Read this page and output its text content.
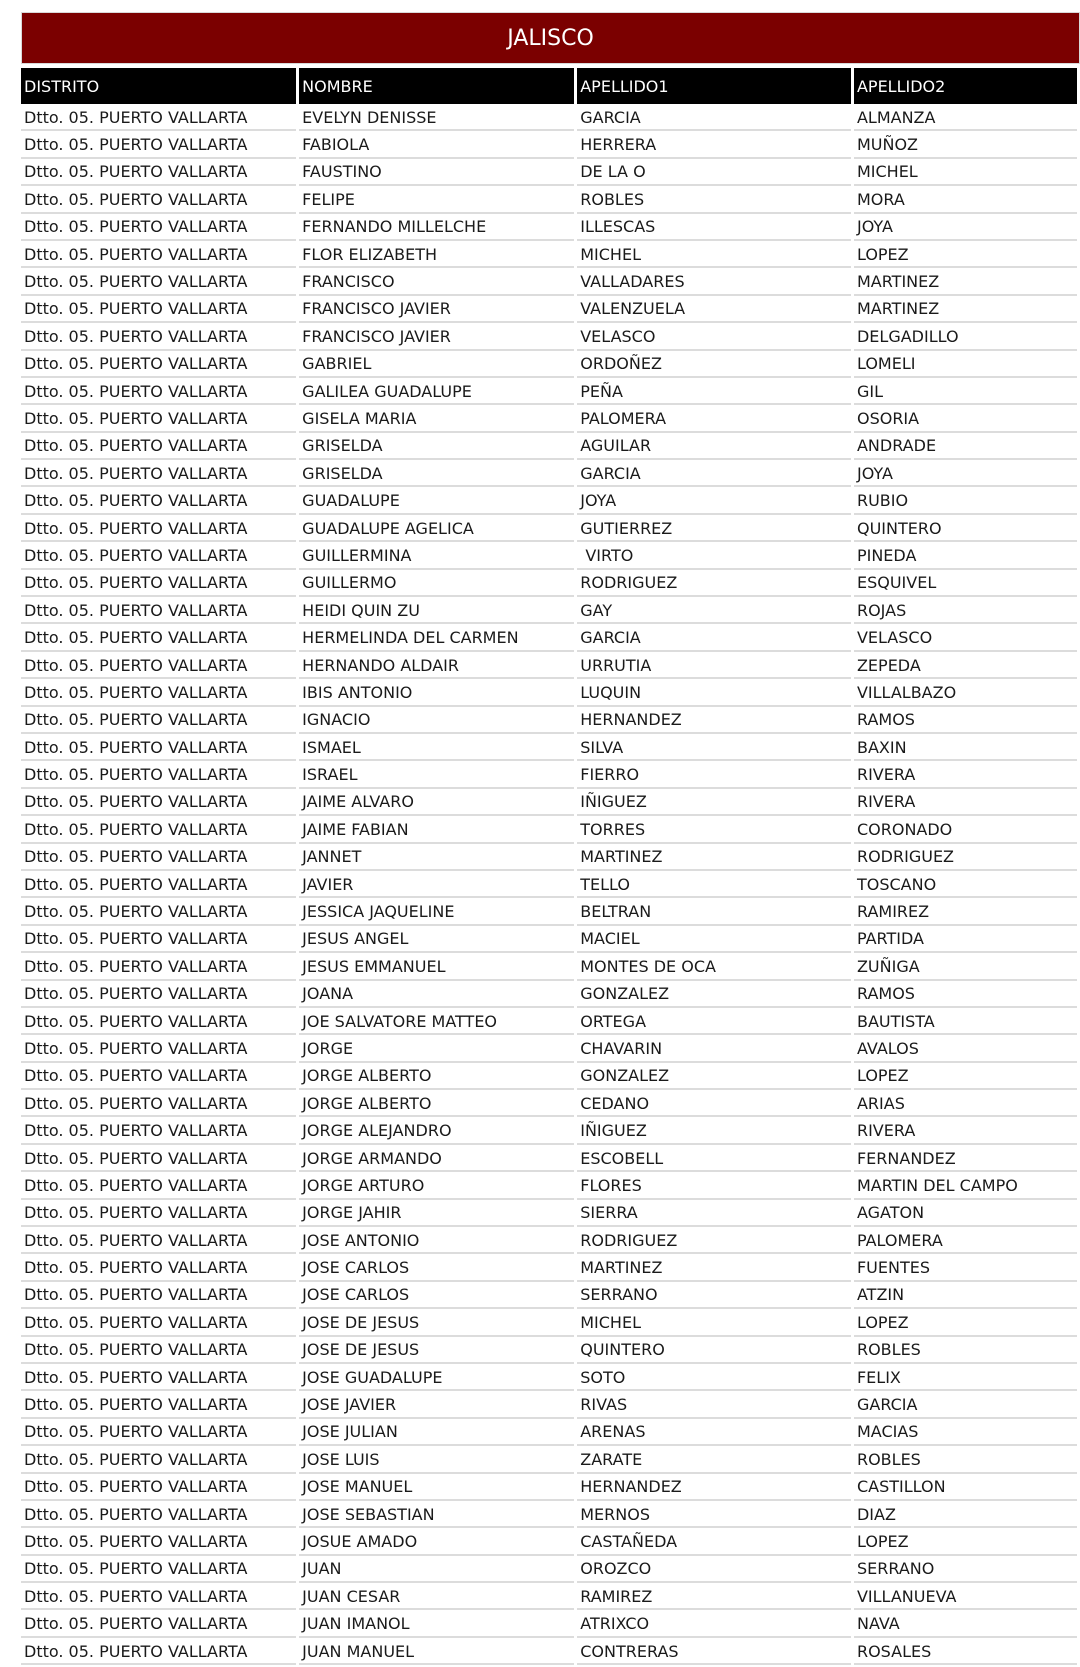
JALISCO
DISTRITO	NOMBRE	APELLIDO1	APELLIDO2
Dtto. 05. PUERTO VALLARTA	EVELYN DENISSE	GARCIA	ALMANZA
Dtto. 05. PUERTO VALLARTA	FABIOLA	HERRERA	MUÑOZ
Dtto. 05. PUERTO VALLARTA	FAUSTINO	DE LA O	MICHEL
Dtto. 05. PUERTO VALLARTA	FELIPE	ROBLES	MORA
Dtto. 05. PUERTO VALLARTA	FERNANDO MILLELCHE	ILLESCAS	JOYA
Dtto. 05. PUERTO VALLARTA	FLOR ELIZABETH	MICHEL	LOPEZ
Dtto. 05. PUERTO VALLARTA	FRANCISCO	VALLADARES	MARTINEZ
Dtto. 05. PUERTO VALLARTA	FRANCISCO JAVIER	VALENZUELA	MARTINEZ
Dtto. 05. PUERTO VALLARTA	FRANCISCO JAVIER	VELASCO	DELGADILLO
Dtto. 05. PUERTO VALLARTA	GABRIEL	ORDOÑEZ	LOMELI
Dtto. 05. PUERTO VALLARTA	GALILEA GUADALUPE	PEÑA	GIL
Dtto. 05. PUERTO VALLARTA	GISELA MARIA	PALOMERA	OSORIA
Dtto. 05. PUERTO VALLARTA	GRISELDA	AGUILAR	ANDRADE
Dtto. 05. PUERTO VALLARTA	GRISELDA	GARCIA	JOYA
Dtto. 05. PUERTO VALLARTA	GUADALUPE	JOYA	RUBIO
Dtto. 05. PUERTO VALLARTA	GUADALUPE AGELICA	GUTIERREZ	QUINTERO
Dtto. 05. PUERTO VALLARTA	GUILLERMINA	VIRTO	PINEDA
Dtto. 05. PUERTO VALLARTA	GUILLERMO	RODRIGUEZ	ESQUIVEL
Dtto. 05. PUERTO VALLARTA	HEIDI QUIN ZU	GAY	ROJAS
Dtto. 05. PUERTO VALLARTA	HERMELINDA DEL CARMEN	GARCIA	VELASCO
Dtto. 05. PUERTO VALLARTA	HERNANDO ALDAIR	URRUTIA	ZEPEDA
Dtto. 05. PUERTO VALLARTA	IBIS ANTONIO	LUQUIN	VILLALBAZO
Dtto. 05. PUERTO VALLARTA	IGNACIO	HERNANDEZ	RAMOS
Dtto. 05. PUERTO VALLARTA	ISMAEL	SILVA	BAXIN
Dtto. 05. PUERTO VALLARTA	ISRAEL	FIERRO	RIVERA
Dtto. 05. PUERTO VALLARTA	JAIME ALVARO	IÑIGUEZ	RIVERA
Dtto. 05. PUERTO VALLARTA	JAIME FABIAN	TORRES	CORONADO
Dtto. 05. PUERTO VALLARTA	JANNET	MARTINEZ	RODRIGUEZ
Dtto. 05. PUERTO VALLARTA	JAVIER	TELLO	TOSCANO
Dtto. 05. PUERTO VALLARTA	JESSICA JAQUELINE	BELTRAN	RAMIREZ
Dtto. 05. PUERTO VALLARTA	JESUS ANGEL	MACIEL	PARTIDA
Dtto. 05. PUERTO VALLARTA	JESUS EMMANUEL	MONTES DE OCA	ZUÑIGA
Dtto. 05. PUERTO VALLARTA	JOANA	GONZALEZ	RAMOS
Dtto. 05. PUERTO VALLARTA	JOE SALVATORE MATTEO	ORTEGA	BAUTISTA
Dtto. 05. PUERTO VALLARTA	JORGE	CHAVARIN	AVALOS
Dtto. 05. PUERTO VALLARTA	JORGE ALBERTO	GONZALEZ	LOPEZ
Dtto. 05. PUERTO VALLARTA	JORGE ALBERTO	CEDANO	ARIAS
Dtto. 05. PUERTO VALLARTA	JORGE ALEJANDRO	IÑIGUEZ	RIVERA
Dtto. 05. PUERTO VALLARTA	JORGE ARMANDO	ESCOBELL	FERNANDEZ
Dtto. 05. PUERTO VALLARTA	JORGE ARTURO	FLORES	MARTIN DEL CAMPO
Dtto. 05. PUERTO VALLARTA	JORGE JAHIR	SIERRA	AGATON
Dtto. 05. PUERTO VALLARTA	JOSE ANTONIO	RODRIGUEZ	PALOMERA
Dtto. 05. PUERTO VALLARTA	JOSE CARLOS	MARTINEZ	FUENTES
Dtto. 05. PUERTO VALLARTA	JOSE CARLOS	SERRANO	ATZIN
Dtto. 05. PUERTO VALLARTA	JOSE DE JESUS	MICHEL	LOPEZ
Dtto. 05. PUERTO VALLARTA	JOSE DE JESUS	QUINTERO	ROBLES
Dtto. 05. PUERTO VALLARTA	JOSE GUADALUPE	SOTO	FELIX
Dtto. 05. PUERTO VALLARTA	JOSE JAVIER	RIVAS	GARCIA
Dtto. 05. PUERTO VALLARTA	JOSE JULIAN	ARENAS	MACIAS
Dtto. 05. PUERTO VALLARTA	JOSE LUIS	ZARATE	ROBLES
Dtto. 05. PUERTO VALLARTA	JOSE MANUEL	HERNANDEZ	CASTILLON
Dtto. 05. PUERTO VALLARTA	JOSE SEBASTIAN	MERNOS	DIAZ
Dtto. 05. PUERTO VALLARTA	JOSUE AMADO	CASTAÑEDA	LOPEZ
Dtto. 05. PUERTO VALLARTA	JUAN	OROZCO	SERRANO
Dtto. 05. PUERTO VALLARTA	JUAN CESAR	RAMIREZ	VILLANUEVA
Dtto. 05. PUERTO VALLARTA	JUAN IMANOL	ATRIXCO	NAVA
Dtto. 05. PUERTO VALLARTA	JUAN MANUEL	CONTRERAS	ROSALES
